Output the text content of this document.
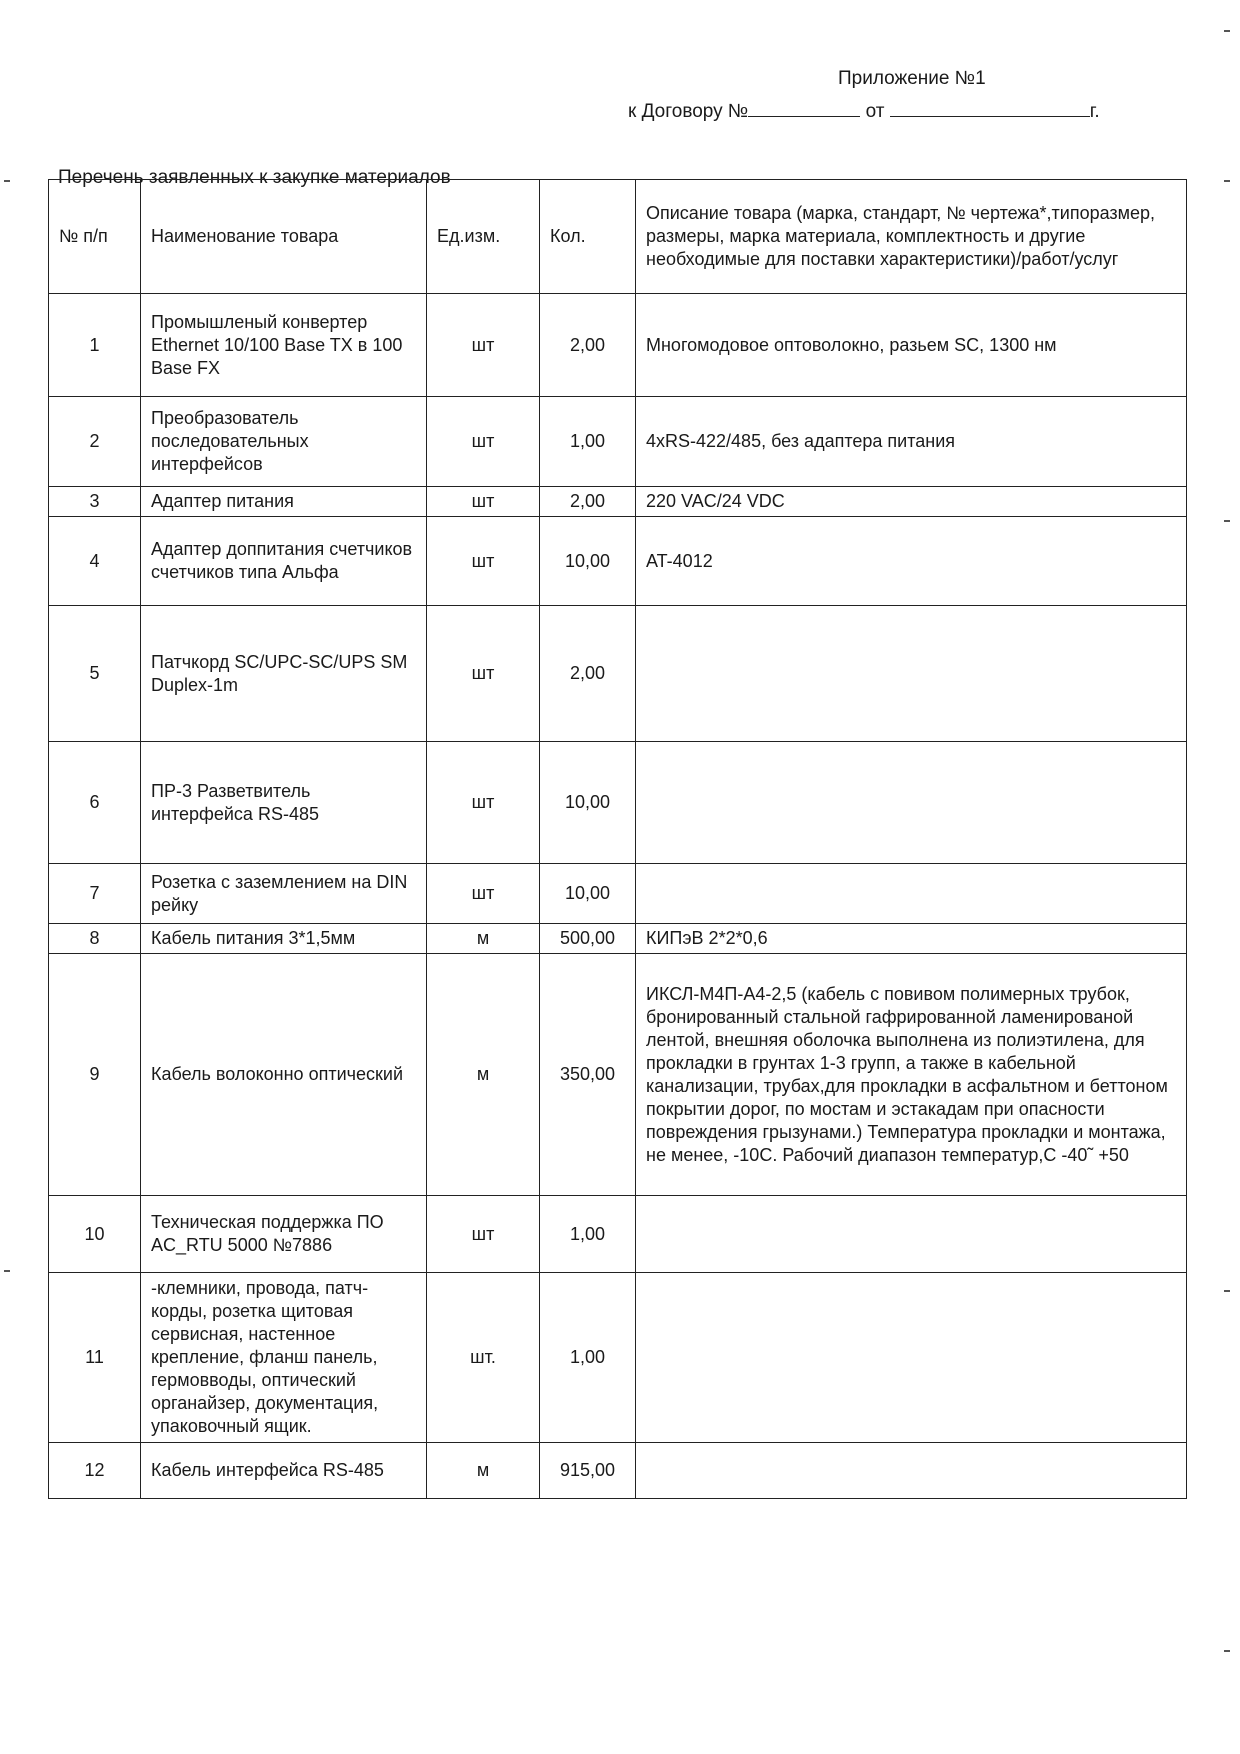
Приложение №1
к Договору №	от	г.
Перечень заявленных к закупке материалов
№ п/п	Наименование товара	Ед.изм.	Кол.	Описание товара (марка, стандарт, № чертежа*,типоразмер, размеры, марка материала, комплектность и другие необходимые для поставки характеристики)/работ/услуг
1	Промышленый конвертер Ethernet 10/100 Base TX в 100 Base FX	шт	2,00	Многомодовое оптоволокно, разьем SC, 1300 нм
2	Преобразователь последовательных интерфейсов	шт	1,00	4xRS-422/485, без адаптера питания
3	Адаптер питания	шт	2,00	220 VAC/24 VDC
4	Адаптер доппитания счетчиков счетчиков типа Альфа	шт	10,00	AT-4012
5	Патчкорд SC/UPC-SC/UPS SM Duplex-1m	шт	2,00	
6	ПР-3 Разветвитель интерфейса RS-485	шт	10,00	
7	Розетка с заземлением на DIN рейку	шт	10,00	
8	Кабель питания 3*1,5мм	м	500,00	КИПэВ 2*2*0,6
9	Кабель волоконно оптический	м	350,00	ИКСЛ-М4П-А4-2,5 (кабель с повивом полимерных трубок, бронированный стальной гафрированной ламенированой лентой, внешняя оболочка выполнена из полиэтилена, для прокладки в грунтах 1-3 групп, а также в кабельной канализации, трубах,для прокладки в асфальтном и беттоном покрытии дорог, по мостам и эстакадам при опасности повреждения грызунами.) Температура прокладки и монтажа, не менее, -10С. Рабочий диапазон температур,С -40˜ +50
10	Техническая поддержка ПО AC_RTU 5000 №7886	шт	1,00	
11	-клемники, провода, патч-корды, розетка щитовая сервисная, настенное крепление, фланш панель, гермовводы, оптический органайзер, документация, упаковочный ящик.	шт.	1,00	
12	Кабель интерфейса RS-485	м	915,00	
